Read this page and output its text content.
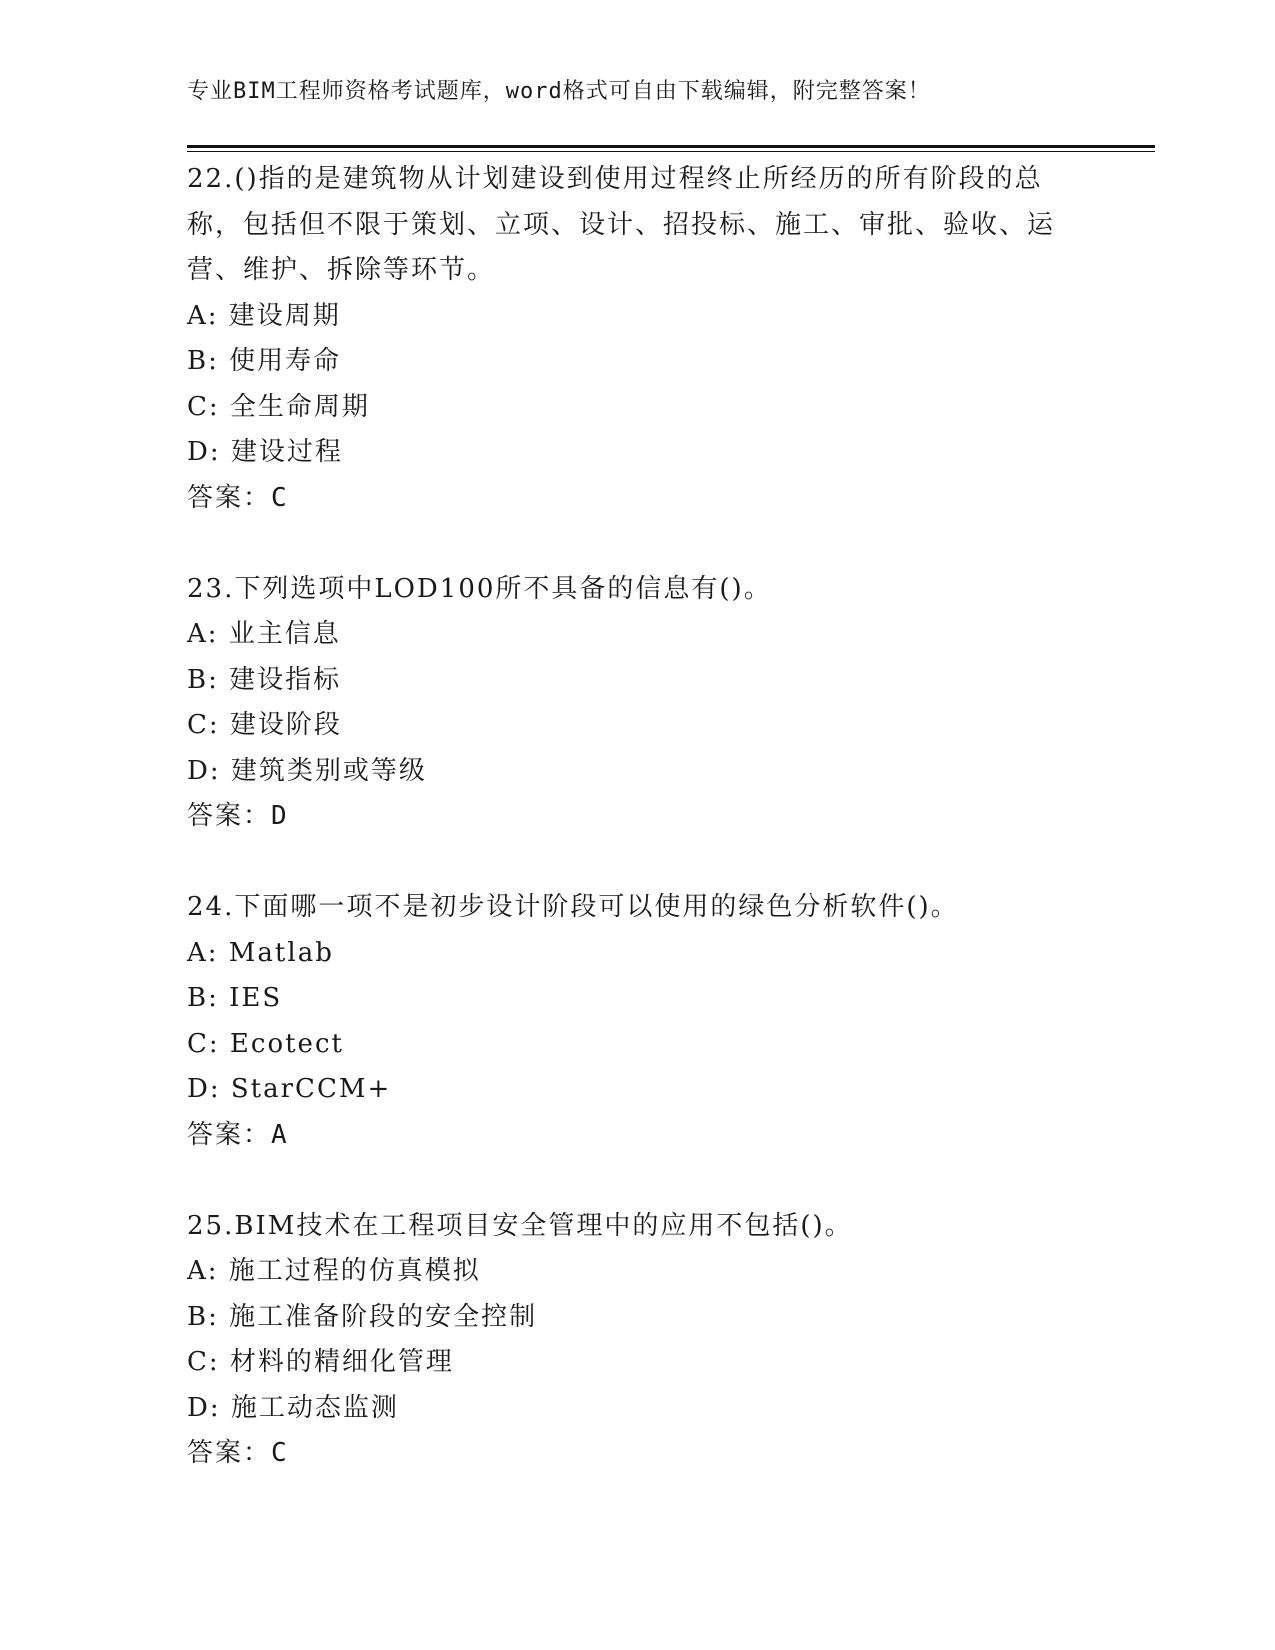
专业BIM工程师资格考试题库，word格式可自由下载编辑，附完整答案！

22.()指的是建筑物从计划建设到使用过程终止所经历的所有阶段的总称，包括但不限于策划、立项、设计、招投标、施工、审批、验收、运营、维护、拆除等环节。

A: 建设周期

B: 使用寿命

C: 全生命周期

D: 建设过程

答案：C

23.下列选项中LOD100所不具备的信息有()。

A: 业主信息

B: 建设指标

C: 建设阶段

D: 建筑类别或等级

答案：D

24.下面哪一项不是初步设计阶段可以使用的绿色分析软件()。

A: Matlab

B: IES

C: Ecotect

D: StarCCM+

答案：A

25.BIM技术在工程项目安全管理中的应用不包括()。

A: 施工过程的仿真模拟

B: 施工准备阶段的安全控制

C: 材料的精细化管理

D: 施工动态监测

答案：C
